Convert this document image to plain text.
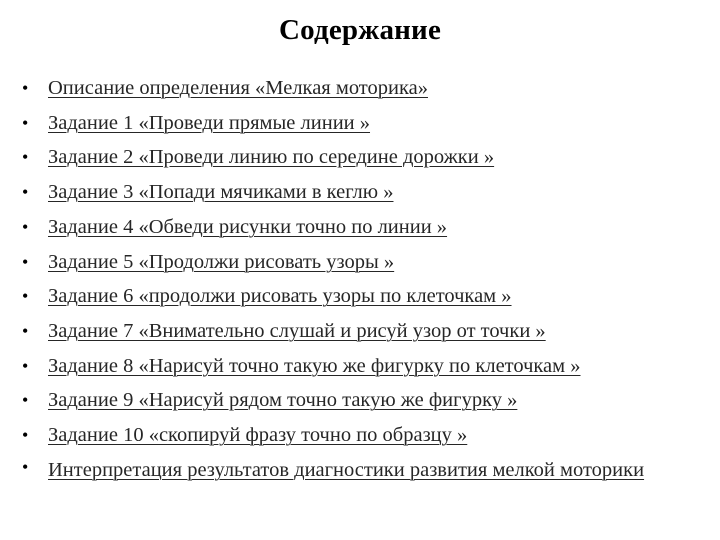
Содержание
• Описание определения «Мелкая моторика»
• Задание 1 «Проведи прямые линии »
• Задание 2 «Проведи линию по середине дорожки »
• Задание 3 «Попади мячиками в кеглю »
• Задание 4 «Обведи рисунки точно по линии »
• Задание 5 «Продолжи рисовать узоры »
• Задание 6 «продолжи рисовать узоры по клеточкам »
• Задание 7 «Внимательно слушай и рисуй узор от точки »
• Задание 8 «Нарисуй точно такую же фигурку по клеточкам »
• Задание 9 «Нарисуй рядом точно такую же фигурку »
• Задание 10 «скопируй фразу точно по образцу »
• Интерпретация результатов диагностики развития мелкой моторики
